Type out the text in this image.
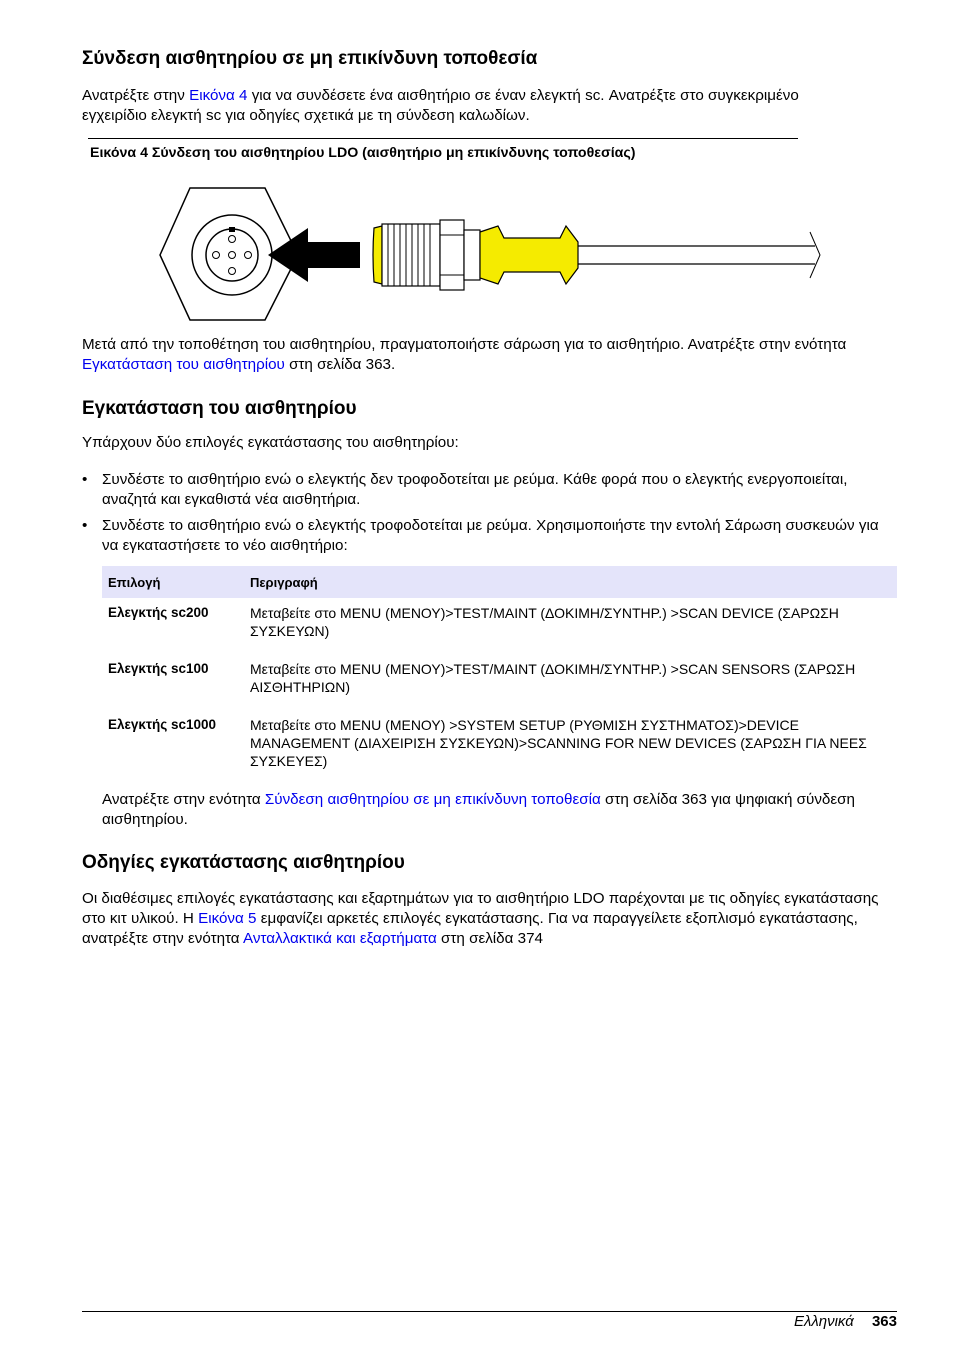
Σύνδεση αισθητηρίου σε μη επικίνδυνη τοποθεσία

Ανατρέξτε στην Εικόνα 4 για να συνδέσετε ένα αισθητήριο σε έναν ελεγκτή sc. Ανατρέξτε στο συγκεκριμένο εγχειρίδιο ελεγκτή sc για οδηγίες σχετικά με τη σύνδεση καλωδίων.

Εικόνα 4 Σύνδεση του αισθητηρίου LDO (αισθητήριο μη επικίνδυνης τοποθεσίας)

Μετά από την τοποθέτηση του αισθητηρίου, πραγματοποιήστε σάρωση για το αισθητήριο. Ανατρέξτε στην ενότητα Εγκατάσταση του αισθητηρίου στη σελίδα 363.

Εγκατάσταση του αισθητηρίου

Υπάρχουν δύο επιλογές εγκατάστασης του αισθητηρίου:

• Συνδέστε το αισθητήριο ενώ ο ελεγκτής δεν τροφοδοτείται με ρεύμα. Κάθε φορά που ο ελεγκτής ενεργοποιείται, αναζητά και εγκαθιστά νέα αισθητήρια.
• Συνδέστε το αισθητήριο ενώ ο ελεγκτής τροφοδοτείται με ρεύμα. Χρησιμοποιήστε την εντολή Σάρωση συσκευών για να εγκαταστήσετε το νέο αισθητήριο:
Επιλογή	Περιγραφή
Ελεγκτής sc200	Μεταβείτε στο MENU (ΜΕΝΟΥ)>TEST/MAINT (ΔΟΚΙΜΗ/ΣΥΝΤΗΡ.) >SCAN DEVICE (ΣΑΡΩΣΗ ΣΥΣΚΕΥΩΝ)
Ελεγκτής sc100	Μεταβείτε στο MENU (ΜΕΝΟΥ)>TEST/MAINT (ΔΟΚΙΜΗ/ΣΥΝΤΗΡ.) >SCAN SENSORS (ΣΑΡΩΣΗ ΑΙΣΘΗΤΗΡΙΩΝ)
Ελεγκτής sc1000	Μεταβείτε στο MENU (ΜΕΝΟΥ) >SYSTEM SETUP (ΡΥΘΜΙΣΗ ΣΥΣΤΗΜΑΤΟΣ)>DEVICE MANAGEMENT (ΔΙΑΧΕΙΡΙΣΗ ΣΥΣΚΕΥΩΝ)>SCANNING FOR NEW DEVICES (ΣΑΡΩΣΗ ΓΙΑ ΝΕΕΣ ΣΥΣΚΕΥΕΣ)

Ανατρέξτε στην ενότητα Σύνδεση αισθητηρίου σε μη επικίνδυνη τοποθεσία στη σελίδα 363 για ψηφιακή σύνδεση αισθητηρίου.

Οδηγίες εγκατάστασης αισθητηρίου

Οι διαθέσιμες επιλογές εγκατάστασης και εξαρτημάτων για το αισθητήριο LDO παρέχονται με τις οδηγίες εγκατάστασης στο κιτ υλικού. Η Εικόνα 5 εμφανίζει αρκετές επιλογές εγκατάστασης. Για να παραγγείλετε εξοπλισμό εγκατάστασης, ανατρέξτε στην ενότητα Ανταλλακτικά και εξαρτήματα στη σελίδα 374

Ελληνικά 363
